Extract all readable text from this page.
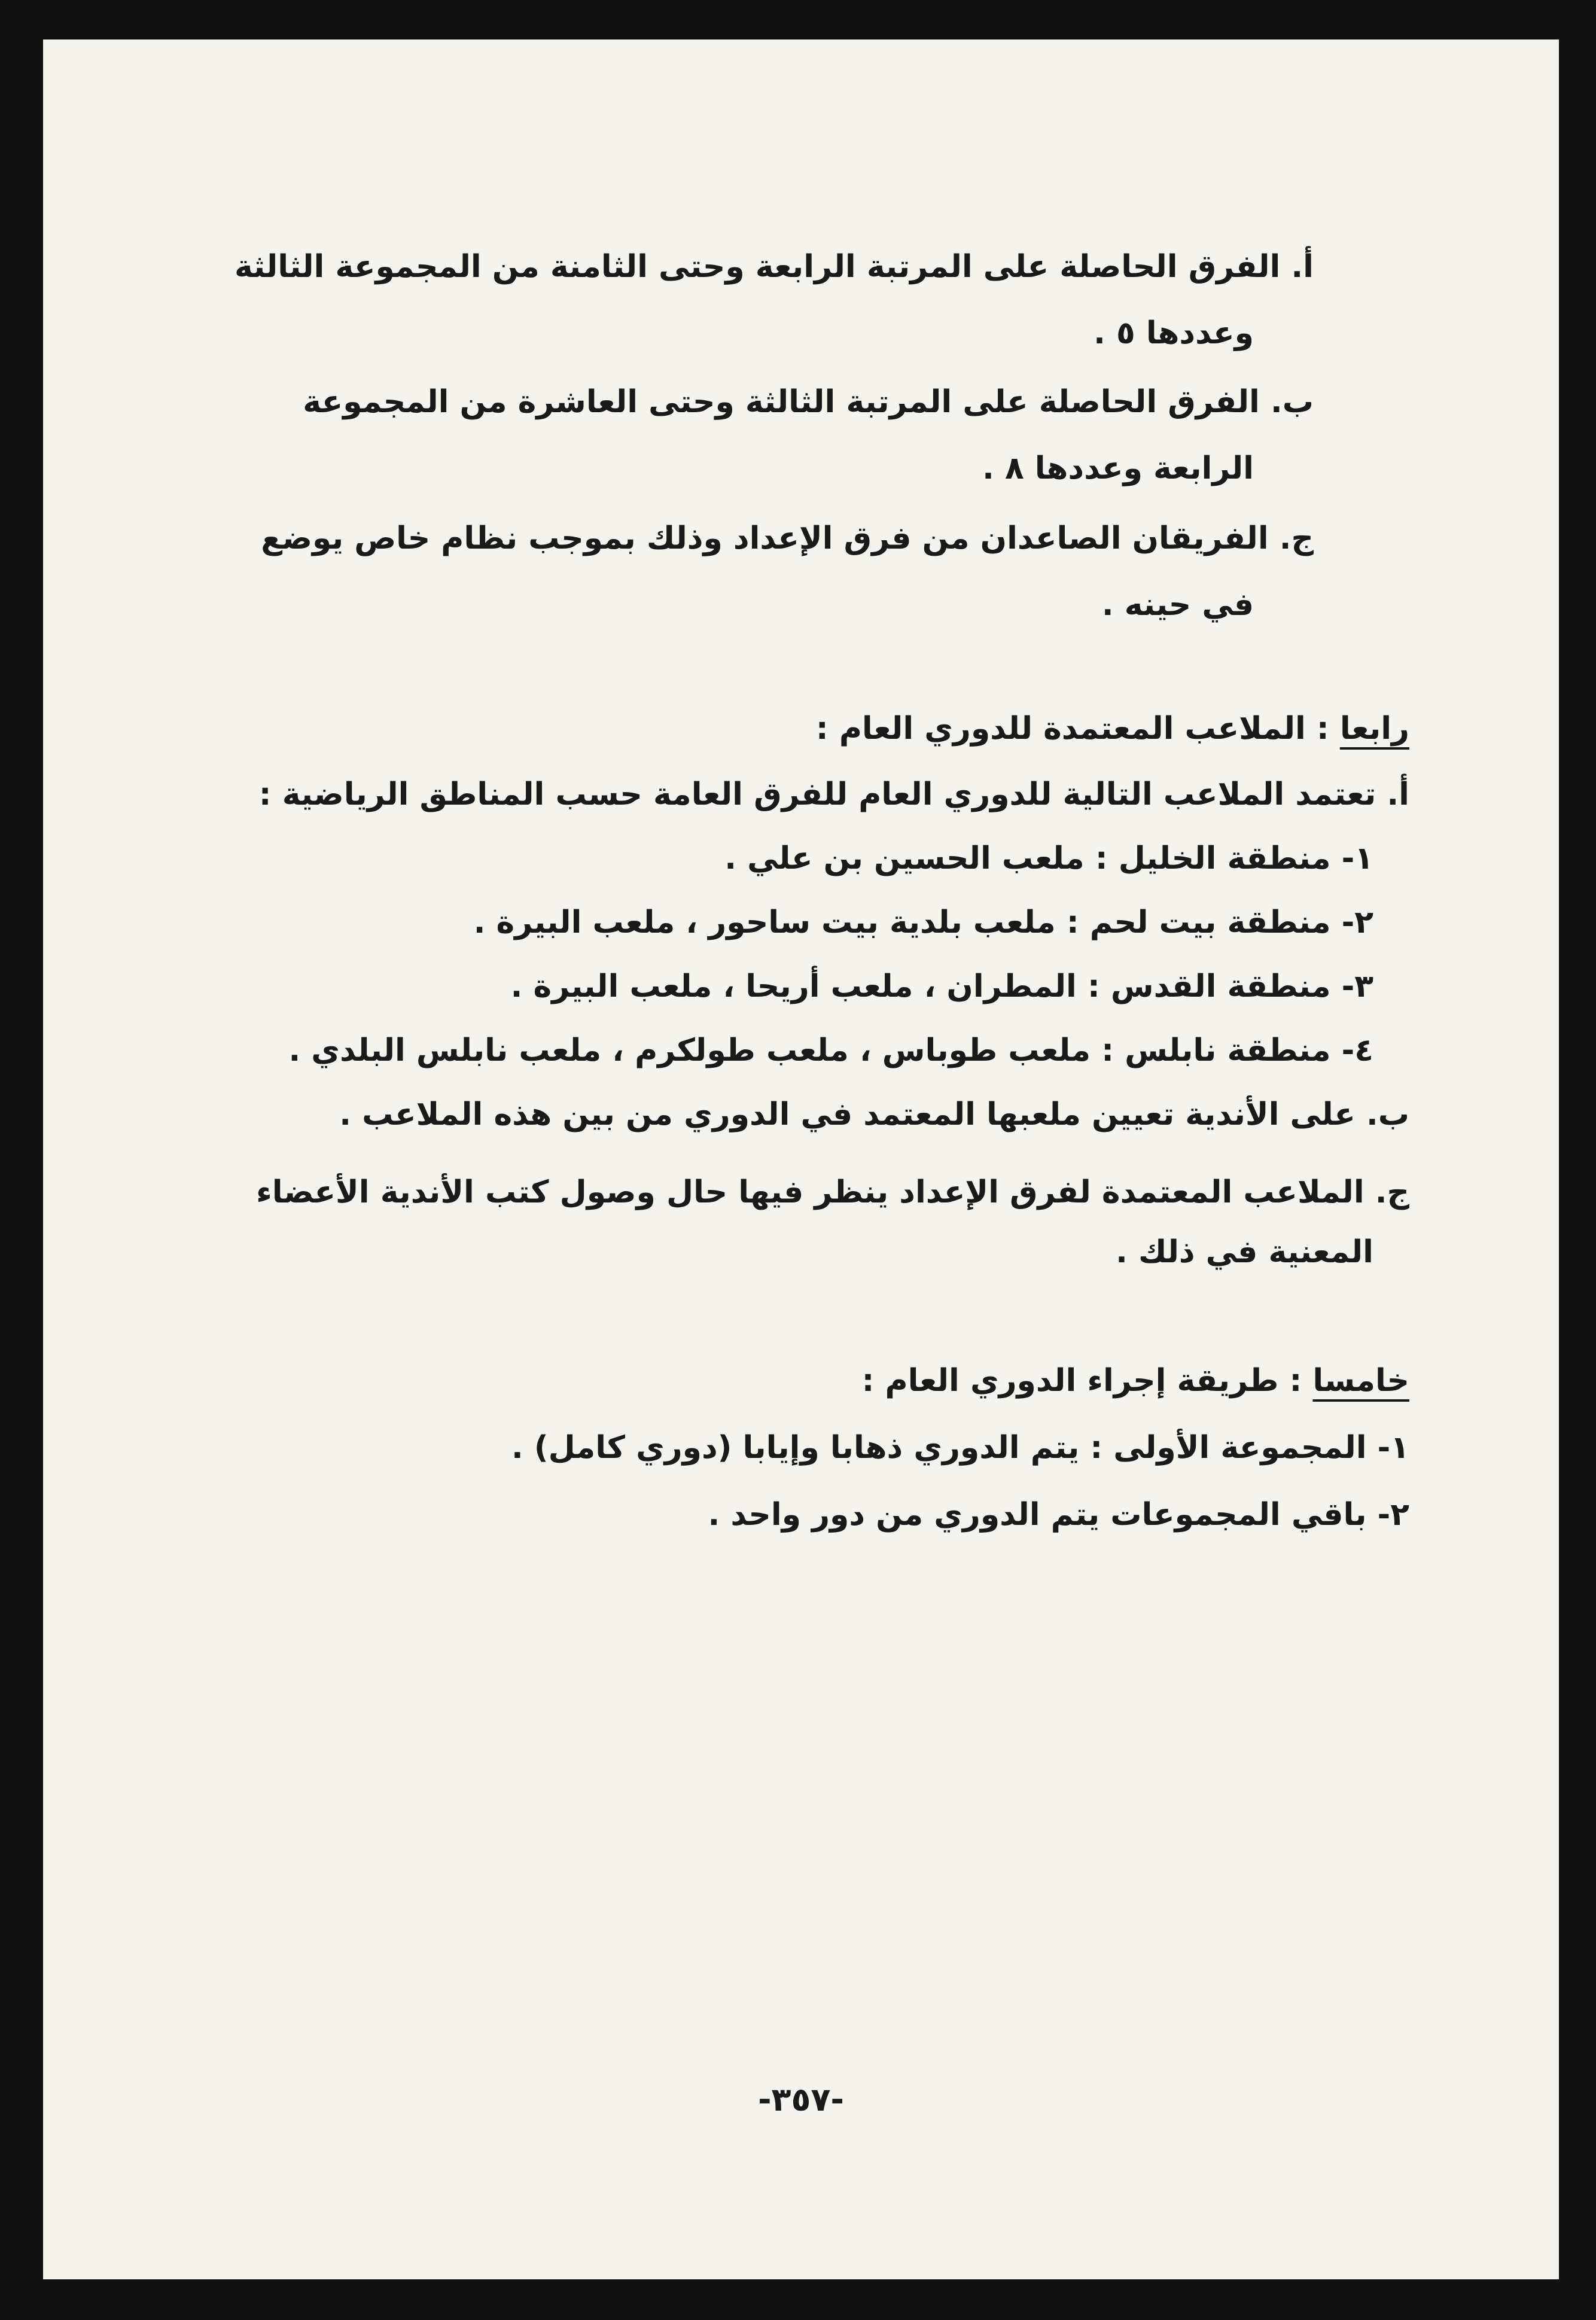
أ. الفرق الحاصلة على المرتبة الرابعة وحتى الثامنة من المجموعة الثالثة
وعددها ٥ .
ب. الفرق الحاصلة على المرتبة الثالثة وحتى العاشرة من المجموعة
الرابعة وعددها ٨ .
ج. الفريقان الصاعدان من فرق الإعداد وذلك بموجب نظام خاص يوضع
في حينه .
رابعا : الملاعب المعتمدة للدوري العام :
أ. تعتمد الملاعب التالية للدوري العام للفرق العامة حسب المناطق الرياضية :
١- منطقة الخليل : ملعب الحسين بن علي .
٢- منطقة بيت لحم : ملعب بلدية بيت ساحور ، ملعب البيرة .
٣- منطقة القدس : المطران ، ملعب أريحا ، ملعب البيرة .
٤- منطقة نابلس : ملعب طوباس ، ملعب طولكرم ، ملعب نابلس البلدي .
ب. على الأندية تعيين ملعبها المعتمد في الدوري من بين هذه الملاعب .
ج. الملاعب المعتمدة لفرق الإعداد ينظر فيها حال وصول كتب الأندية الأعضاء
المعنية في ذلك .
خامسا : طريقة إجراء الدوري العام :
١- المجموعة الأولى : يتم الدوري ذهابا وإيابا (دوري كامل) .
٢- باقي المجموعات يتم الدوري من دور واحد .
-٣٥٧-
